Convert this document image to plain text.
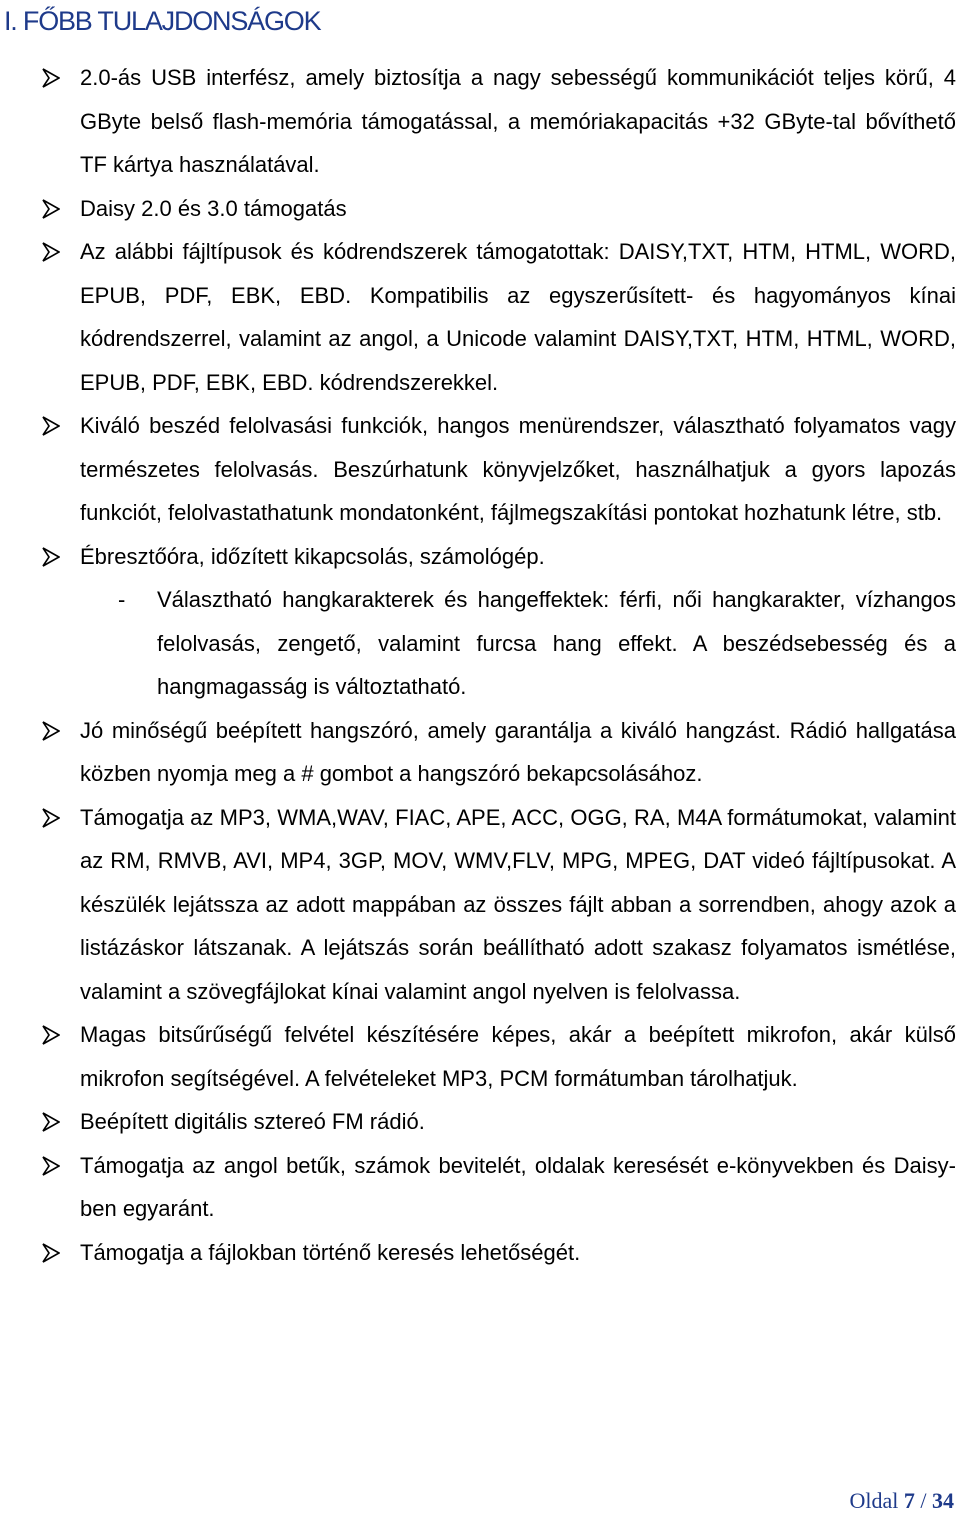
I. FŐBB TULAJDONSÁGOK
2.0-ás USB interfész, amely biztosítja a nagy sebességű kommunikációt teljes körű, 4 GByte belső flash-memória támogatással, a memóriakapacitás +32 GByte-tal bővíthető TF kártya használatával.
Daisy 2.0 és 3.0 támogatás
Az alábbi fájltípusok és kódrendszerek támogatottak: DAISY,TXT, HTM, HTML, WORD, EPUB, PDF, EBK, EBD. Kompatibilis az egyszerűsített- és hagyományos kínai kódrendszerrel, valamint az angol, a Unicode valamint DAISY,TXT, HTM, HTML, WORD, EPUB, PDF, EBK, EBD. kódrendszerekkel.
Kiváló beszéd felolvasási funkciók, hangos menürendszer, választható folyamatos vagy természetes felolvasás. Beszúrhatunk könyvjelzőket, használhatjuk a gyors lapozás funkciót, felolvastathatunk mondatonként, fájlmegszakítási pontokat hozhatunk létre, stb.
Ébresztőóra, időzített kikapcsolás, számológép.
- Választható hangkarakterek és hangeffektek: férfi, női hangkarakter, vízhangos felolvasás, zengető, valamint furcsa hang effekt. A beszédsebesség és a hangmagasság is változtatható.
Jó minőségű beépített hangszóró, amely garantálja a kiváló hangzást. Rádió hallgatása közben nyomja meg a # gombot a hangszóró bekapcsolásához.
Támogatja az MP3, WMA,WAV, FIAC, APE, ACC, OGG, RA, M4A formátumokat, valamint az RM, RMVB, AVI, MP4, 3GP, MOV, WMV,FLV, MPG, MPEG, DAT videó fájltípusokat. A készülék lejátssza az adott mappában az összes fájlt abban a sorrendben, ahogy azok a listázáskor látszanak. A lejátszás során beállítható adott szakasz folyamatos ismétlése, valamint a szövegfájlokat kínai valamint angol nyelven is felolvassa.
Magas bitsűrűségű felvétel készítésére képes, akár a beépített mikrofon, akár külső mikrofon segítségével. A felvételeket MP3, PCM formátumban tárolhatjuk.
Beépített digitális sztereó FM rádió.
Támogatja az angol betűk, számok bevitelét, oldalak keresését e-könyvekben és Daisy-ben egyaránt.
Támogatja a fájlokban történő keresés lehetőségét.
Oldal 7 / 34
